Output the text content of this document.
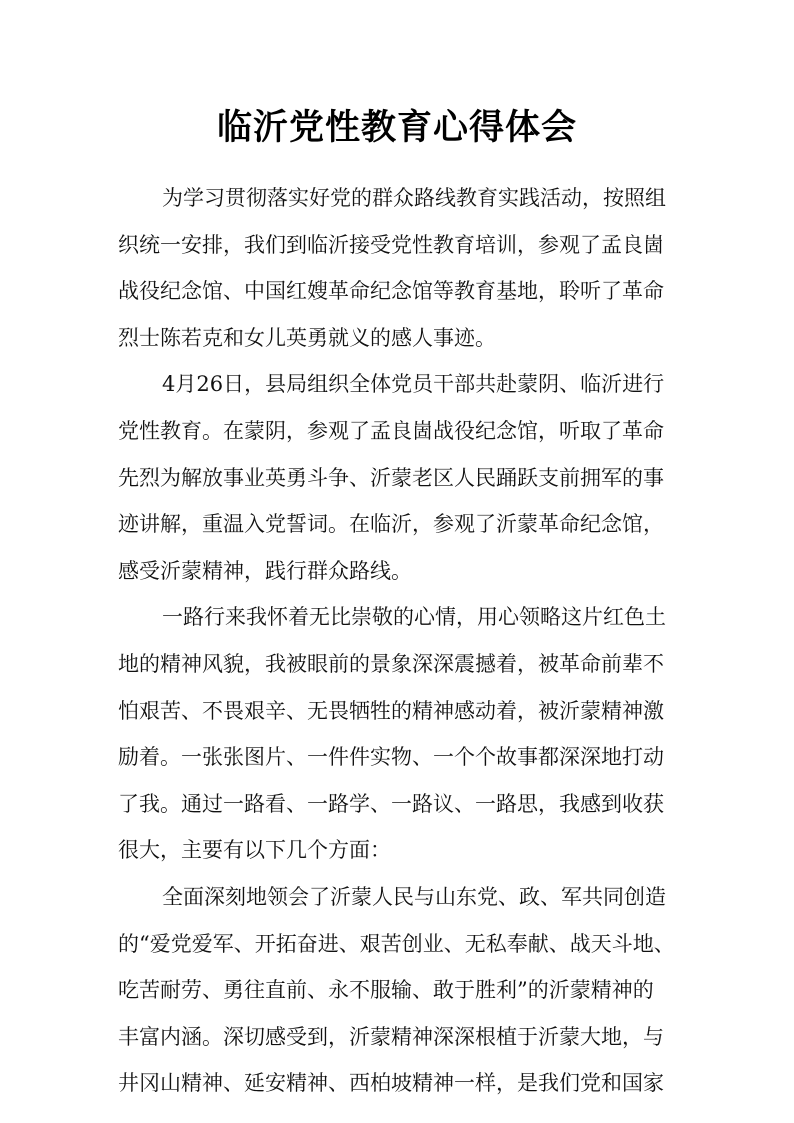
临沂党性教育心得体会
为学习贯彻落实好党的群众路线教育实践活动，按照组
织统一安排，我们到临沂接受党性教育培训，参观了孟良崮
战役纪念馆、中国红嫂革命纪念馆等教育基地，聆听了革命
烈士陈若克和女儿英勇就义的感人事迹。
4月26日，县局组织全体党员干部共赴蒙阴、临沂进行
党性教育。在蒙阴，参观了孟良崮战役纪念馆，听取了革命
先烈为解放事业英勇斗争、沂蒙老区人民踊跃支前拥军的事
迹讲解，重温入党誓词。在临沂，参观了沂蒙革命纪念馆，
感受沂蒙精神，践行群众路线。
一路行来我怀着无比崇敬的心情，用心领略这片红色土
地的精神风貌，我被眼前的景象深深震撼着，被革命前辈不
怕艰苦、不畏艰辛、无畏牺牲的精神感动着，被沂蒙精神激
励着。一张张图片、一件件实物、一个个故事都深深地打动
了我。通过一路看、一路学、一路议、一路思，我感到收获
很大，主要有以下几个方面：
全面深刻地领会了沂蒙人民与山东党、政、军共同创造
的“爱党爱军、开拓奋进、艰苦创业、无私奉献、战天斗地、
吃苦耐劳、勇往直前、永不服输、敢于胜利”的沂蒙精神的
丰富内涵。深切感受到，沂蒙精神深深根植于沂蒙大地，与
井冈山精神、延安精神、西柏坡精神一样，是我们党和国家
